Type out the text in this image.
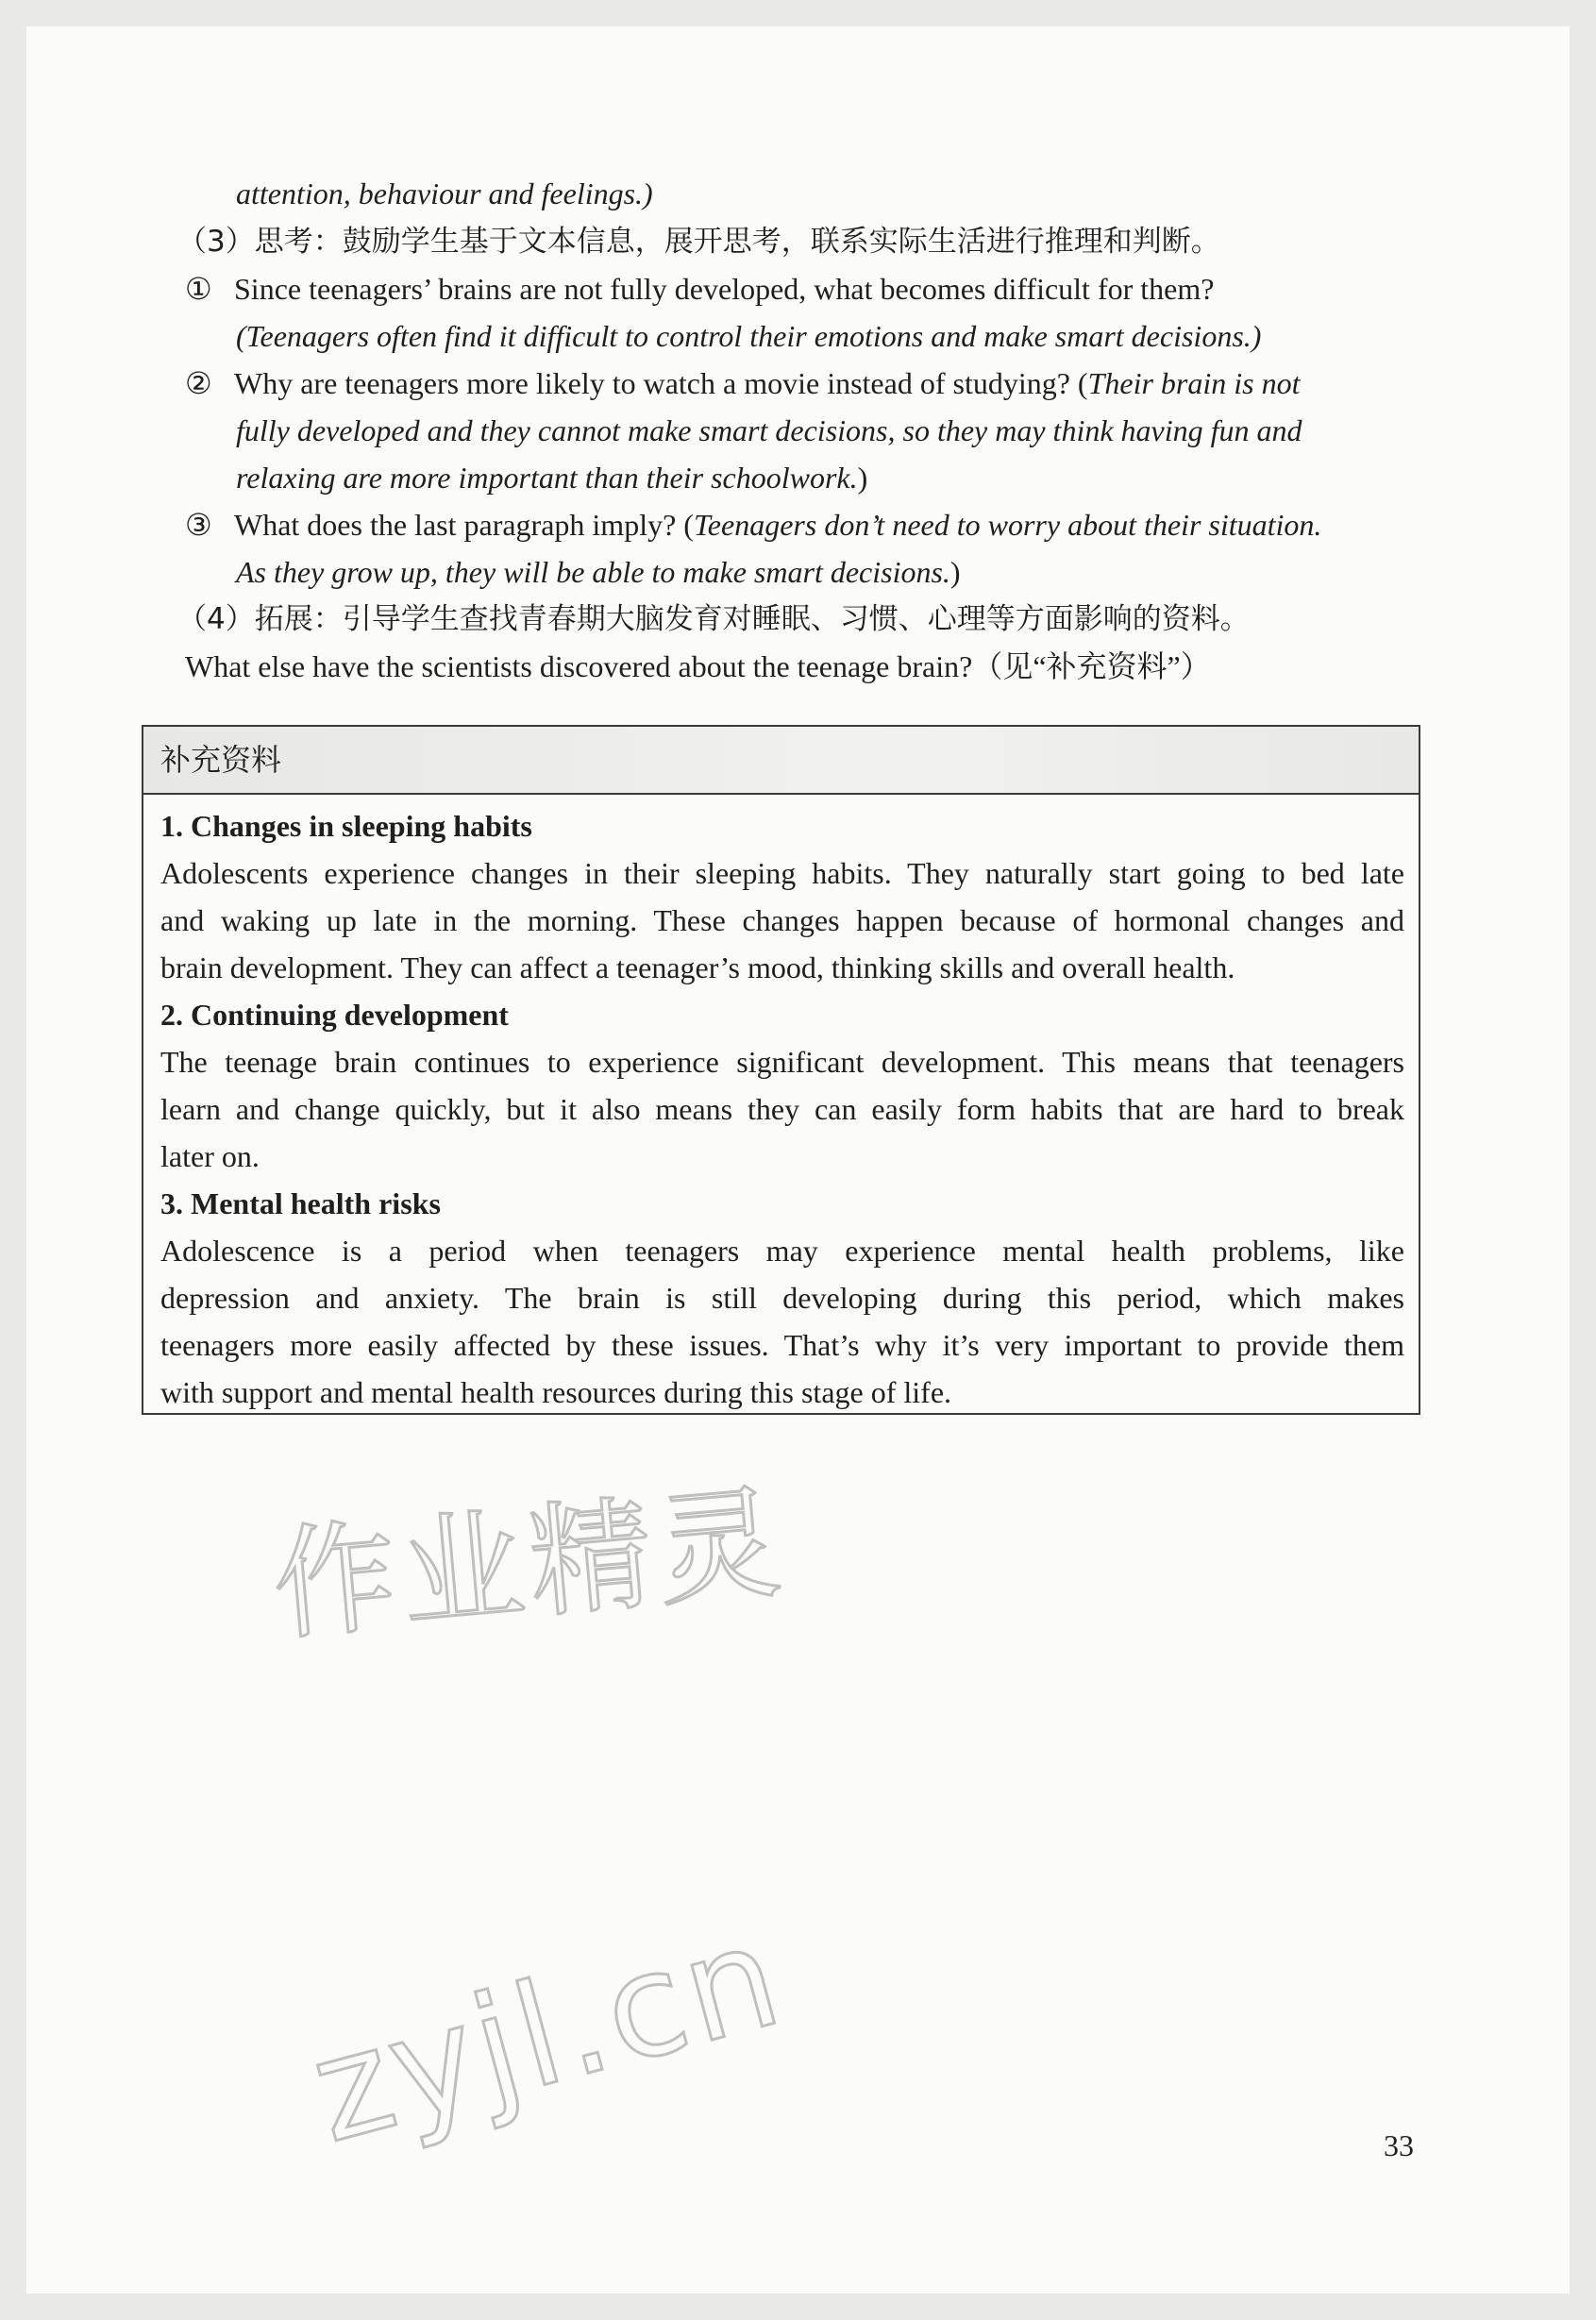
attention, behaviour and feelings.)
（3）思考：鼓励学生基于文本信息，展开思考，联系实际生活进行推理和判断。
① Since teenagers’ brains are not fully developed, what becomes difficult for them?
(Teenagers often find it difficult to control their emotions and make smart decisions.)
② Why are teenagers more likely to watch a movie instead of studying? (Their brain is not
fully developed and they cannot make smart decisions, so they may think having fun and
relaxing are more important than their schoolwork.)
③ What does the last paragraph imply? (Teenagers don’t need to worry about their situation.
As they grow up, they will be able to make smart decisions.)
（4）拓展：引导学生查找青春期大脑发育对睡眠、习惯、心理等方面影响的资料。
What else have the scientists discovered about the teenage brain?（见“补充资料”）
补充资料
1. Changes in sleeping habits
Adolescents experience changes in their sleeping habits. They naturally start going to bed late
and waking up late in the morning. These changes happen because of hormonal changes and
brain development. They can affect a teenager’s mood, thinking skills and overall health.
2. Continuing development
The teenage brain continues to experience significant development. This means that teenagers
learn and change quickly, but it also means they can easily form habits that are hard to break
later on.
3. Mental health risks
Adolescence is a period when teenagers may experience mental health problems, like
depression and anxiety. The brain is still developing during this period, which makes
teenagers more easily affected by these issues. That’s why it’s very important to provide them
with support and mental health resources during this stage of life.
作业精灵
zyjl.cn	33
